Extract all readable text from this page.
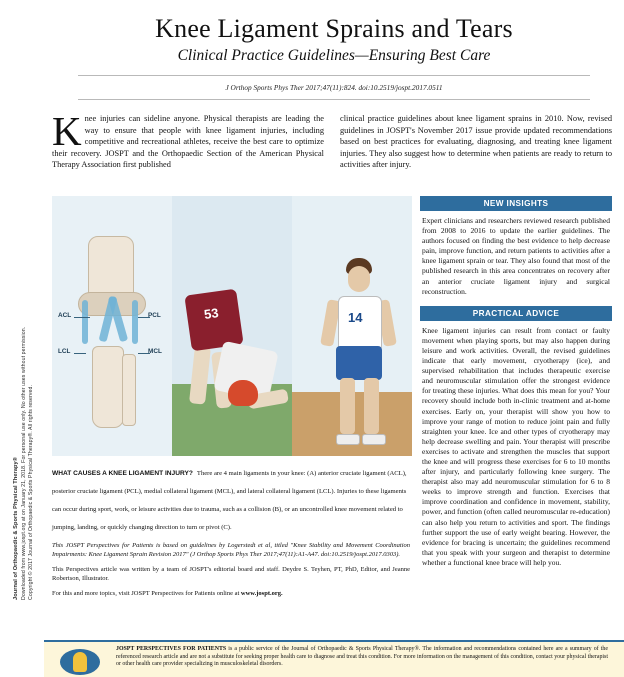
Journal of Orthopaedic & Sports Physical Therapy® Downloaded from www.jospt.org at on January 21, 2018. For personal use only. No other uses without permission. Copyright © 2017 Journal of Orthopaedic & Sports Physical Therapy®. All rights reserved.
Knee Ligament Sprains and Tears
Clinical Practice Guidelines—Ensuring Best Care
J Orthop Sports Phys Ther 2017;47(11):824. doi:10.2519/jospt.2017.0511
Knee injuries can sideline anyone. Physical therapists are leading the way to ensure that people with knee ligament injuries, including competitive and recreational athletes, receive the best care to optimize their recovery. JOSPT and the Orthopaedic Section of the American Physical Therapy Association first published
clinical practice guidelines about knee ligament sprains in 2010. Now, revised guidelines in JOSPT's November 2017 issue provide updated recommendations based on best practices for evaluating, diagnosing, and treating knee ligament injuries. They also suggest how to determine when patients are ready to return to activities after injury.
ACL
LCL
PCL
MCL
53	14
NEW INSIGHTS
Expert clinicians and researchers reviewed research published from 2008 to 2016 to update the earlier guidelines. The authors focused on finding the best evidence to help decrease pain, improve function, and return patients to activities after a knee ligament sprain or tear. They also found that most of the published research in this area concentrates on recovery after an anterior cruciate ligament injury and surgical reconstruction.
PRACTICAL ADVICE
Knee ligament injuries can result from contact or faulty movement when playing sports, but may also happen during leisure and work activities. Overall, the revised guidelines indicate that early movement, cryotherapy (ice), and supervised rehabilitation that includes therapeutic exercise and neuromuscular stimulation offer the strongest evidence for treating these injuries. What does this mean for you? Your recovery should include both in-clinic treatment and at-home exercises. Early on, your therapist will show you how to improve your range of motion to reduce joint pain and fully straighten your knee. Ice and other types of cryotherapy may help decrease swelling and pain. Your therapist will prescribe exercises to activate and strengthen the muscles that support the knee and will progress these exercises for 6 to 10 months after injury, and particularly following knee surgery. The therapist also may add neuromuscular stimulation for 6 to 8 weeks to improve strength and function. Exercises that improve coordination and confidence in movement, stability, power, and function (often called neuromuscular re-education) can also help you return to activities and sport. The findings further support the use of early weight bearing. However, the evidence for bracing is uncertain; the guidelines recommend that you speak with your surgeon and therapist to determine whether a functional knee brace will help you.
WHAT CAUSES A KNEE LIGAMENT INJURY? There are 4 main ligaments in your knee: (A) anterior cruciate ligament (ACL), posterior cruciate ligament (PCL), medial collateral ligament (MCL), and lateral collateral ligament (LCL). Injuries to these ligaments can occur during sport, work, or leisure activities due to trauma, such as a collision (B), or an uncontrolled knee movement related to jumping, landing, or quickly changing direction to turn or pivot (C).
This JOSPT Perspectives for Patients is based on guidelines by Logerstedt et al, titled "Knee Stability and Movement Coordination Impairments: Knee Ligament Sprain Revision 2017" (J Orthop Sports Phys Ther 2017;47(11):A1-A47. doi:10.2519/jospt.2017.0303).
This Perspectives article was written by a team of JOSPT's editorial board and staff. Deydre S. Teyhen, PT, PhD, Editor, and Jeanne Robertson, Illustrator.
For this and more topics, visit JOSPT Perspectives for Patients online at www.jospt.org.
JOSPT PERSPECTIVES FOR PATIENTS is a public service of the Journal of Orthopaedic & Sports Physical Therapy®. The information and recommendations contained here are a summary of the referenced research article and are not a substitute for seeking proper health care to diagnose and treat this condition. For more information on the management of this condition, contact your physical therapist or other health care provider specializing in musculoskeletal disorders.
